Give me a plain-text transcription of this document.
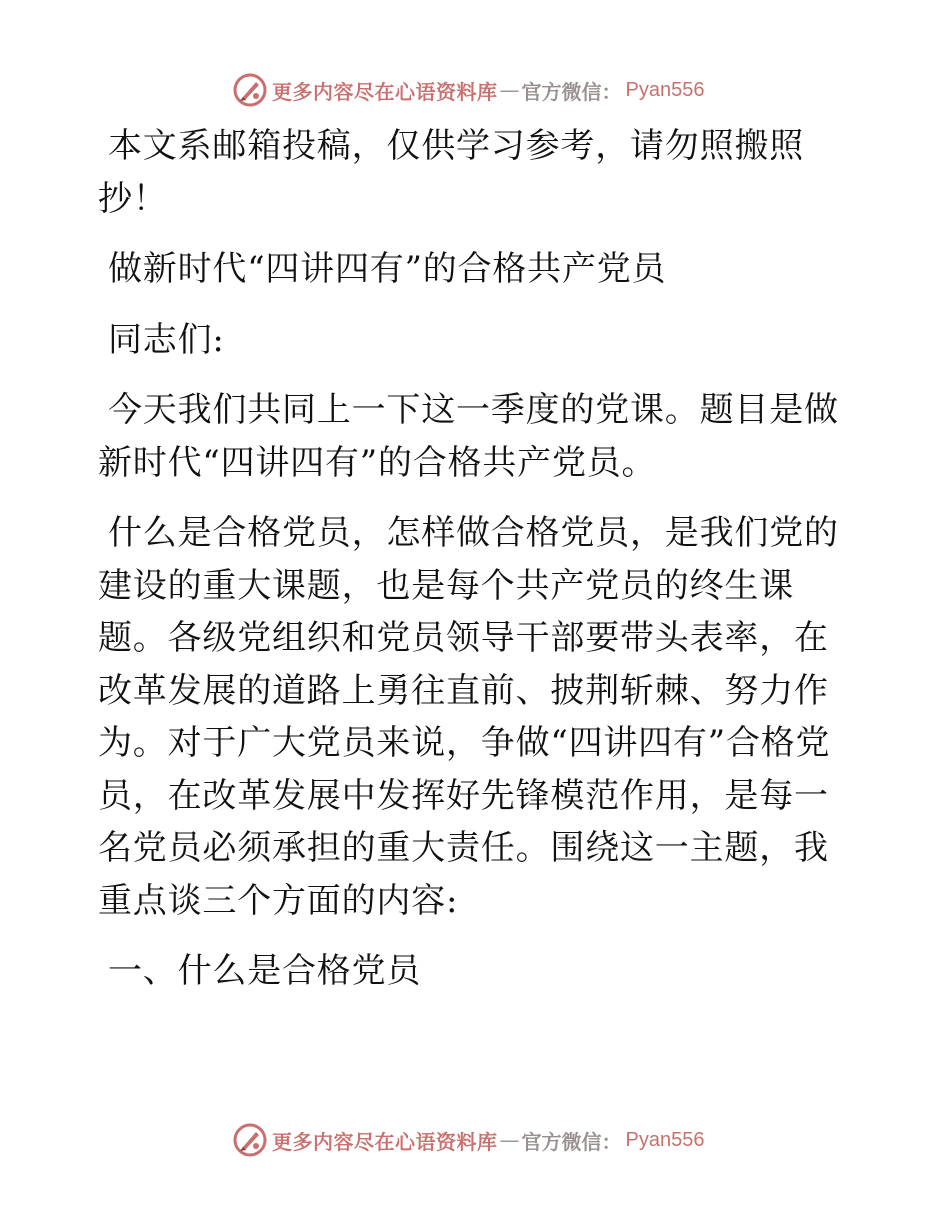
更多内容尽在心语资料库 — 官方微信： Pyan556

本文系邮箱投稿，仅供学习参考，请勿照搬照抄！

做新时代“四讲四有”的合格共产党员

同志们:

今天我们共同上一下这一季度的党课。题目是做新时代“四讲四有”的合格共产党员。

什么是合格党员，怎样做合格党员，是我们党的建设的重大课题，也是每个共产党员的终生课题。各级党组织和党员领导干部要带头表率，在改革发展的道路上勇往直前、披荆斩棘、努力作为。对于广大党员来说，争做“四讲四有”合格党员，在改革发展中发挥好先锋模范作用，是每一名党员必须承担的重大责任。围绕这一主题，我重点谈三个方面的内容:

一、什么是合格党员

更多内容尽在心语资料库 — 官方微信： Pyan556
